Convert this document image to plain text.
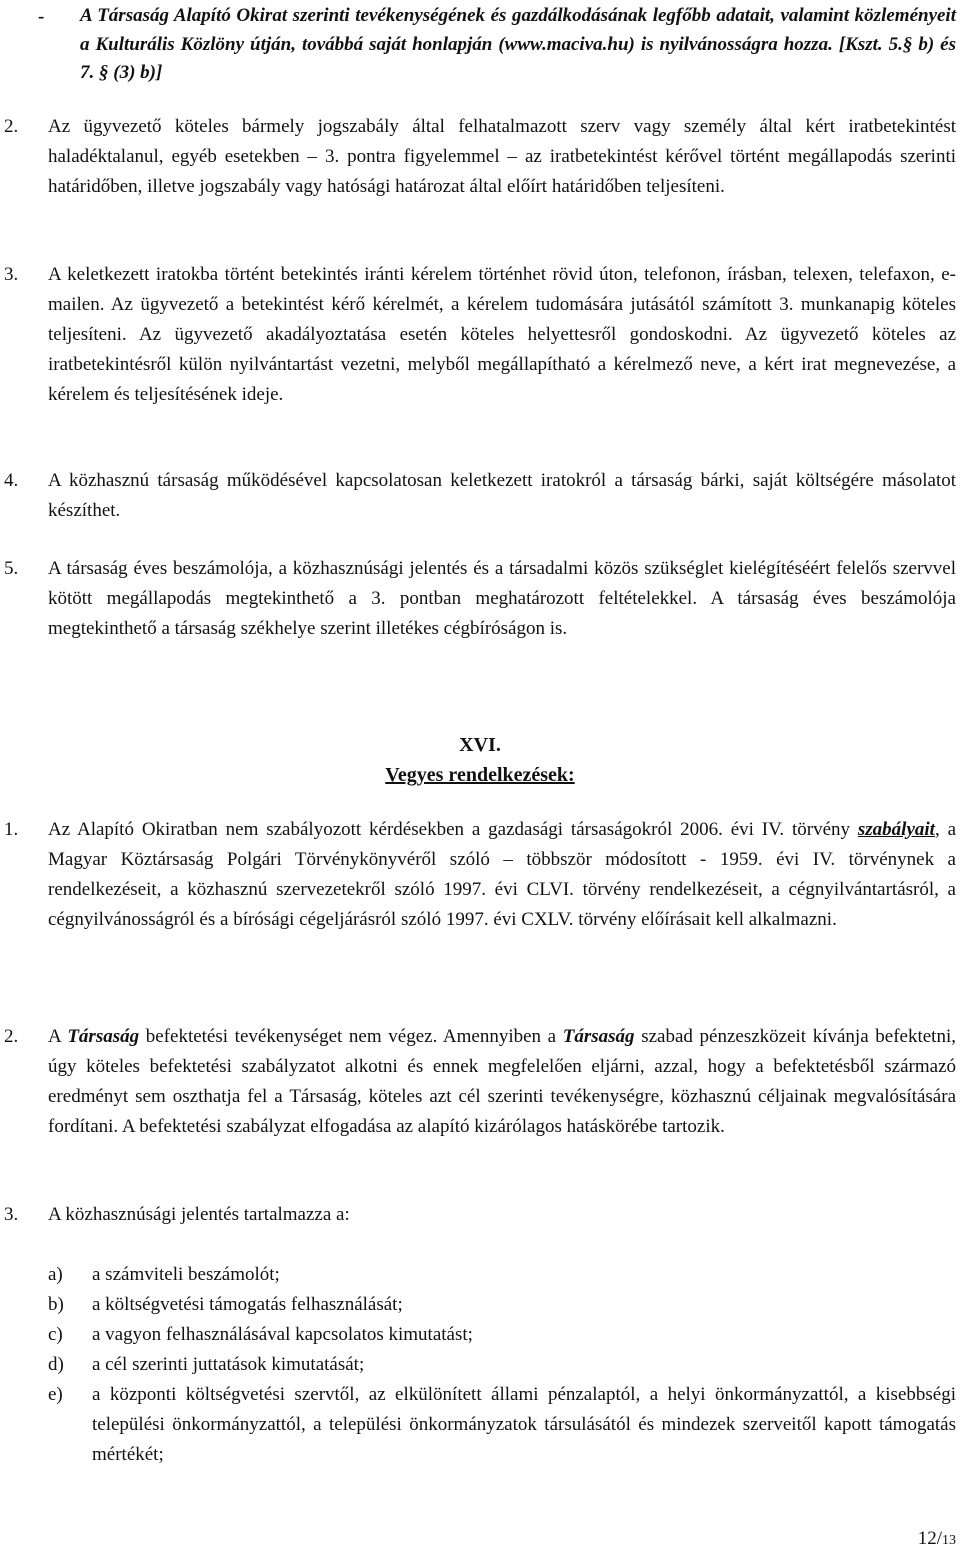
- A Társaság Alapító Okirat szerinti tevékenységének és gazdálkodásának legfőbb adatait, valamint közleményeit a Kulturális Közlöny útján, továbbá saját honlapján (www.maciva.hu) is nyilvánosságra hozza. [Kszt. 5.§ b) és 7. § (3) b)]
2. Az ügyvezető köteles bármely jogszabály által felhatalmazott szerv vagy személy által kért iratbetekintést haladéktalanul, egyéb esetekben – 3. pontra figyelemmel – az iratbetekintést kérővel történt megállapodás szerinti határidőben, illetve jogszabály vagy hatósági határozat által előírt határidőben teljesíteni.
3. A keletkezett iratokba történt betekintés iránti kérelem történhet rövid úton, telefonon, írásban, telexen, telefaxon, e-mailen. Az ügyvezető a betekintést kérő kérelmét, a kérelem tudomására jutásától számított 3. munkanapig köteles teljesíteni. Az ügyvezető akadályoztatása esetén köteles helyettesről gondoskodni. Az ügyvezető köteles az iratbetekintésről külön nyilvántartást vezetni, melyből megállapítható a kérelmező neve, a kért irat megnevezése, a kérelem és teljesítésének ideje.
4. A közhasznú társaság működésével kapcsolatosan keletkezett iratokról a társaság bárki, saját költségére másolatot készíthet.
5. A társaság éves beszámolója, a közhasznúsági jelentés és a társadalmi közös szükséglet kielégítéséért felelős szervvel kötött megállapodás megtekinthető a 3. pontban meghatározott feltételekkel. A társaság éves beszámolója megtekinthető a társaság székhelye szerint illetékes cégbíróságon is.
XVI.
Vegyes rendelkezések:
1. Az Alapító Okiratban nem szabályozott kérdésekben a gazdasági társaságokról 2006. évi IV. törvény szabályait, a Magyar Köztársaság Polgári Törvénykönyvéről szóló – többször módosított - 1959. évi IV. törvénynek a rendelkezéseit, a közhasznú szervezetekről szóló 1997. évi CLVI. törvény rendelkezéseit, a cégnyilvántartásról, a cégnyilvánosságról és a bírósági cégeljárásról szóló 1997. évi CXLV. törvény előírásait kell alkalmazni.
2. A Társaság befektetési tevékenységet nem végez. Amennyiben a Társaság szabad pénzeszközeit kívánja befektetni, úgy köteles befektetési szabályzatot alkotni és ennek megfelelően eljárni, azzal, hogy a befektetésből származó eredményt sem oszthatja fel a Társaság, köteles azt cél szerinti tevékenységre, közhasznú céljainak megvalósítására fordítani. A befektetési szabályzat elfogadása az alapító kizárólagos hatáskörébe tartozik.
3. A közhasznúsági jelentés tartalmazza a:
a) a számviteli beszámolót;
b) a költségvetési támogatás felhasználását;
c) a vagyon felhasználásával kapcsolatos kimutatást;
d) a cél szerinti juttatások kimutatását;
e) a központi költségvetési szervtől, az elkülönített állami pénzalaptól, a helyi önkormányzattól, a kisebbségi települési önkormányzattól, a települési önkormányzatok társulásától és mindezek szerveitől kapott támogatás mértékét;
12/13
